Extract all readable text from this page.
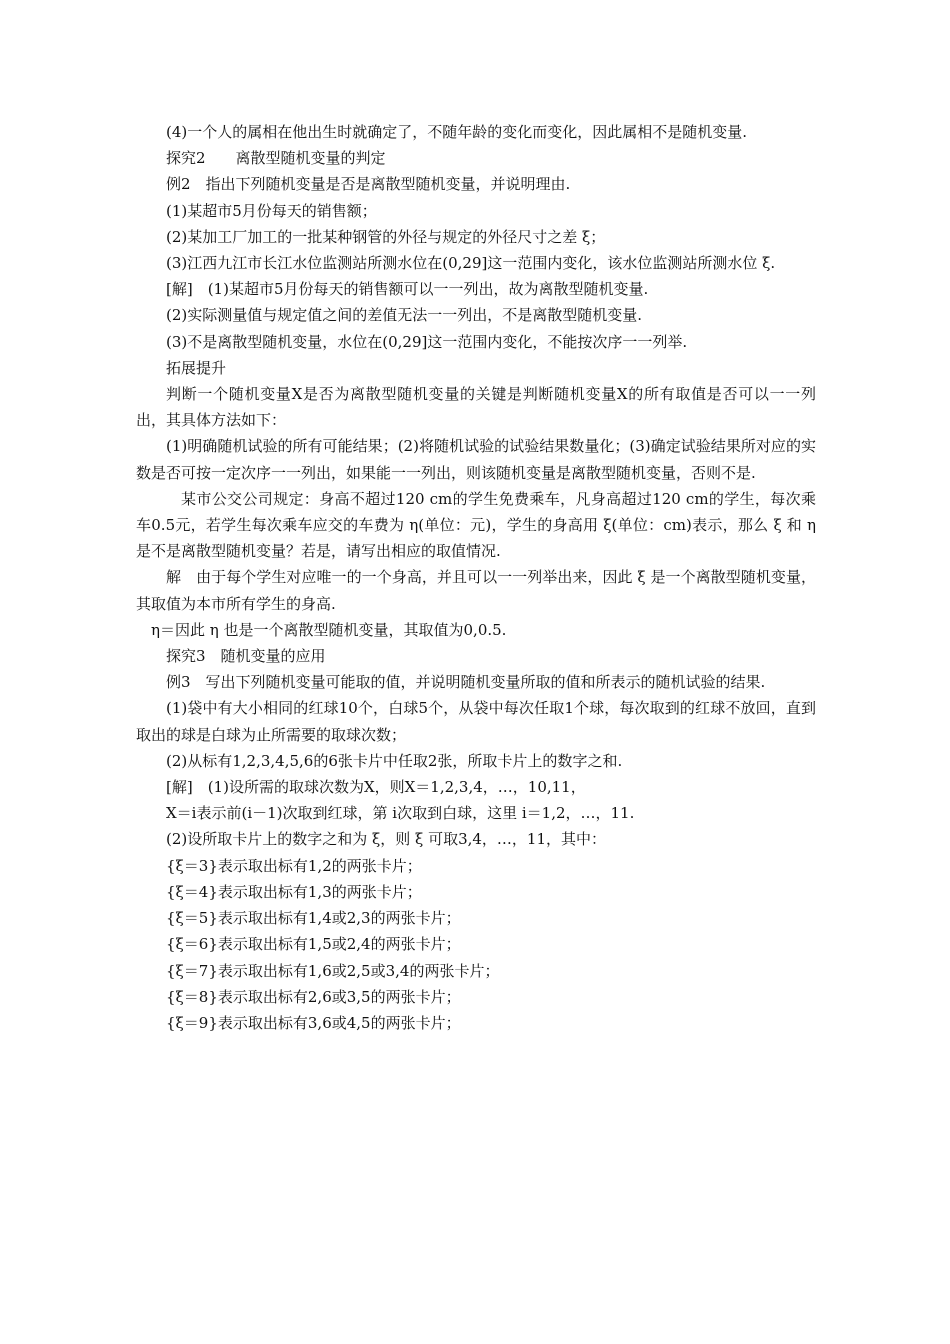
(4)一个人的属相在他出生时就确定了，不随年龄的变化而变化，因此属相不是随机变量.

探究2　　离散型随机变量的判定

例2　指出下列随机变量是否是离散型随机变量，并说明理由.

(1)某超市5月份每天的销售额；

(2)某加工厂加工的一批某种钢管的外径与规定的外径尺寸之差 ξ；

(3)江西九江市长江水位监测站所测水位在(0,29]这一范围内变化，该水位监测站所测水位 ξ.

[解]　(1)某超市5月份每天的销售额可以一一列出，故为离散型随机变量.

(2)实际测量值与规定值之间的差值无法一一列出，不是离散型随机变量.

(3)不是离散型随机变量，水位在(0,29]这一范围内变化，不能按次序一一列举.

拓展提升

判断一个随机变量X是否为离散型随机变量的关键是判断随机变量X的所有取值是否可以一一列出，其具体方法如下：

(1)明确随机试验的所有可能结果；(2)将随机试验的试验结果数量化；(3)确定试验结果所对应的实数是否可按一定次序一一列出，如果能一一列出，则该随机变量是离散型随机变量，否则不是.

某市公交公司规定：身高不超过120 cm的学生免费乘车，凡身高超过120 cm的学生，每次乘车0.5元，若学生每次乘车应交的车费为 η(单位：元)，学生的身高用 ξ(单位：cm)表示，那么 ξ 和 η 是不是离散型随机变量？若是，请写出相应的取值情况.

解　由于每个学生对应唯一的一个身高，并且可以一一列举出来，因此 ξ 是一个离散型随机变量，其取值为本市所有学生的身高.

η＝因此 η 也是一个离散型随机变量，其取值为0,0.5.

探究3　随机变量的应用

例3　写出下列随机变量可能取的值，并说明随机变量所取的值和所表示的随机试验的结果.

(1)袋中有大小相同的红球10个，白球5个，从袋中每次任取1个球，每次取到的红球不放回，直到取出的球是白球为止所需要的取球次数；

(2)从标有1,2,3,4,5,6的6张卡片中任取2张，所取卡片上的数字之和.

[解]　(1)设所需的取球次数为X，则X＝1,2,3,4，…，10,11，

X＝i表示前(i－1)次取到红球，第 i次取到白球，这里 i＝1,2，…，11.

(2)设所取卡片上的数字之和为 ξ，则 ξ 可取3,4，…，11，其中：

{ξ＝3}表示取出标有1,2的两张卡片；

{ξ＝4}表示取出标有1,3的两张卡片；

{ξ＝5}表示取出标有1,4或2,3的两张卡片；

{ξ＝6}表示取出标有1,5或2,4的两张卡片；

{ξ＝7}表示取出标有1,6或2,5或3,4的两张卡片；

{ξ＝8}表示取出标有2,6或3,5的两张卡片；

{ξ＝9}表示取出标有3,6或4,5的两张卡片；
